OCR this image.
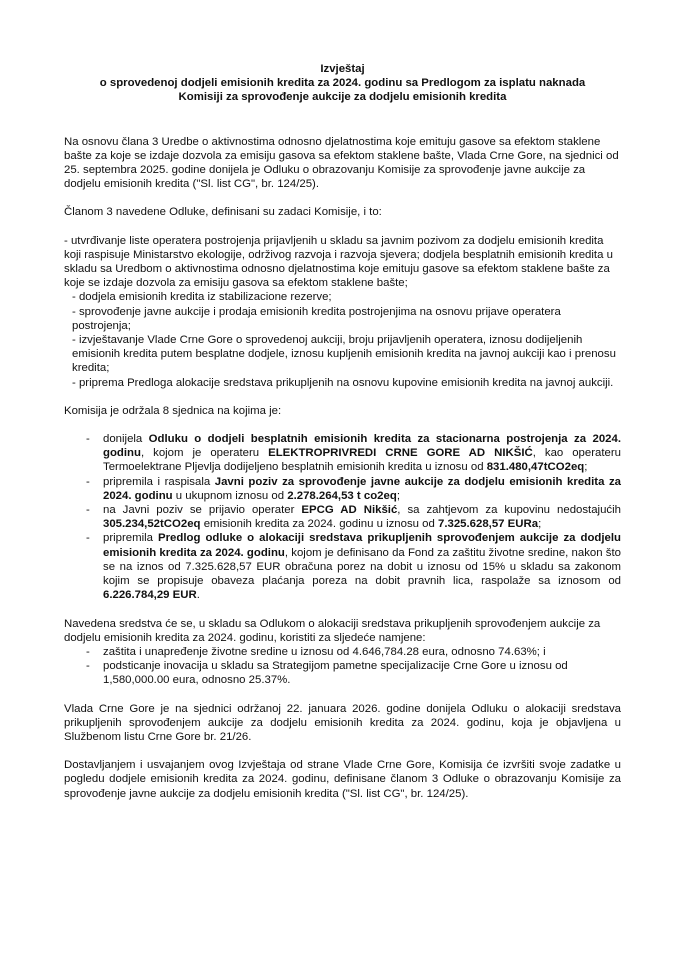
Izvještaj
o sprovedenoj dodjeli emisionih kredita za 2024. godinu sa Predlogom za isplatu naknada
Komisiji za sprovođenje aukcije za dodjelu emisionih kredita

Na osnovu člana 3 Uredbe o aktivnostima odnosno djelatnostima koje emituju gasove sa efektom staklene bašte za koje se izdaje dozvola za emisiju gasova sa efektom staklene bašte, Vlada Crne Gore, na sjednici od 25. septembra 2025. godine donijela je Odluku o obrazovanju Komisije za sprovođenje javne aukcije za dodjelu emisionih kredita ("Sl. list CG", br. 124/25).

Članom 3 navedene Odluke, definisani su zadaci Komisije, i to:

- utvrđivanje liste operatera postrojenja prijavljenih u skladu sa javnim pozivom za dodjelu emisionih kredita koji raspisuje Ministarstvo ekologije, održivog razvoja i razvoja sjevera; dodjela besplatnih emisionih kredita u skladu sa Uredbom o aktivnostima odnosno djelatnostima koje emituju gasove sa efektom staklene bašte za koje se izdaje dozvola za emisiju gasova sa efektom staklene bašte;
- dodjela emisionih kredita iz stabilizacione rezerve;
- sprovođenje javne aukcije i prodaja emisionih kredita postrojenjima na osnovu prijave operatera postrojenja;
- izvještavanje Vlade Crne Gore o sprovedenoj aukciji, broju prijavljenih operatera, iznosu dodijeljenih emisionih kredita putem besplatne dodjele, iznosu kupljenih emisionih kredita na javnoj aukciji kao i prenosu kredita;
- priprema Predloga alokacije sredstava prikupljenih na osnovu kupovine emisionih kredita na javnoj aukciji.

Komisija je održala 8 sjednica na kojima je:

- donijela Odluku o dodjeli besplatnih emisionih kredita za stacionarna postrojenja za 2024. godinu, kojom je operateru ELEKTROPRIVREDI CRNE GORE AD NIKŠIĆ, kao operateru Termoelektrane Pljevlja dodijeljeno besplatnih emisionih kredita u iznosu od 831.480,47tCO2eq;
- pripremila i raspisala Javni poziv za sprovođenje javne aukcije za dodjelu emisionih kredita za 2024. godinu u ukupnom iznosu od 2.278.264,53 t co2eq;
- na Javni poziv se prijavio operater EPCG AD Nikšić, sa zahtjevom za kupovinu nedostajućih 305.234,52tCO2eq emisionih kredita za 2024. godinu u iznosu od 7.325.628,57 EURa;
- pripremila Predlog odluke o alokaciji sredstava prikupljenih sprovođenjem aukcije za dodjelu emisionih kredita za 2024. godinu, kojom je definisano da Fond za zaštitu životne sredine, nakon što se na iznos od 7.325.628,57 EUR obračuna porez na dobit u iznosu od 15% u skladu sa zakonom kojim se propisuje obaveza plaćanja poreza na dobit pravnih lica, raspolaže sa iznosom od 6.226.784,29 EUR.

Navedena sredstva će se, u skladu sa Odlukom o alokaciji sredstava prikupljenih sprovođenjem aukcije za dodjelu emisionih kredita za 2024. godinu, koristiti za sljedeće namjene:

- zaštita i unapređenje životne sredine u iznosu od 4.646,784.28 eura, odnosno 74.63%; i
- podsticanje inovacija u skladu sa Strategijom pametne specijalizacije Crne Gore u iznosu od 1,580,000.00 eura, odnosno 25.37%.

Vlada Crne Gore je na sjednici održanoj 22. januara 2026. godine donijela Odluku o alokaciji sredstava prikupljenih sprovođenjem aukcije za dodjelu emisionih kredita za 2024. godinu, koja je objavljena u Službenom listu Crne Gore br. 21/26.

Dostavljanjem i usvajanjem ovog Izvještaja od strane Vlade Crne Gore, Komisija će izvršiti svoje zadatke u pogledu dodjele emisionih kredita za 2024. godinu, definisane članom 3 Odluke o obrazovanju Komisije za sprovođenje javne aukcije za dodjelu emisionih kredita ("Sl. list CG", br. 124/25).
